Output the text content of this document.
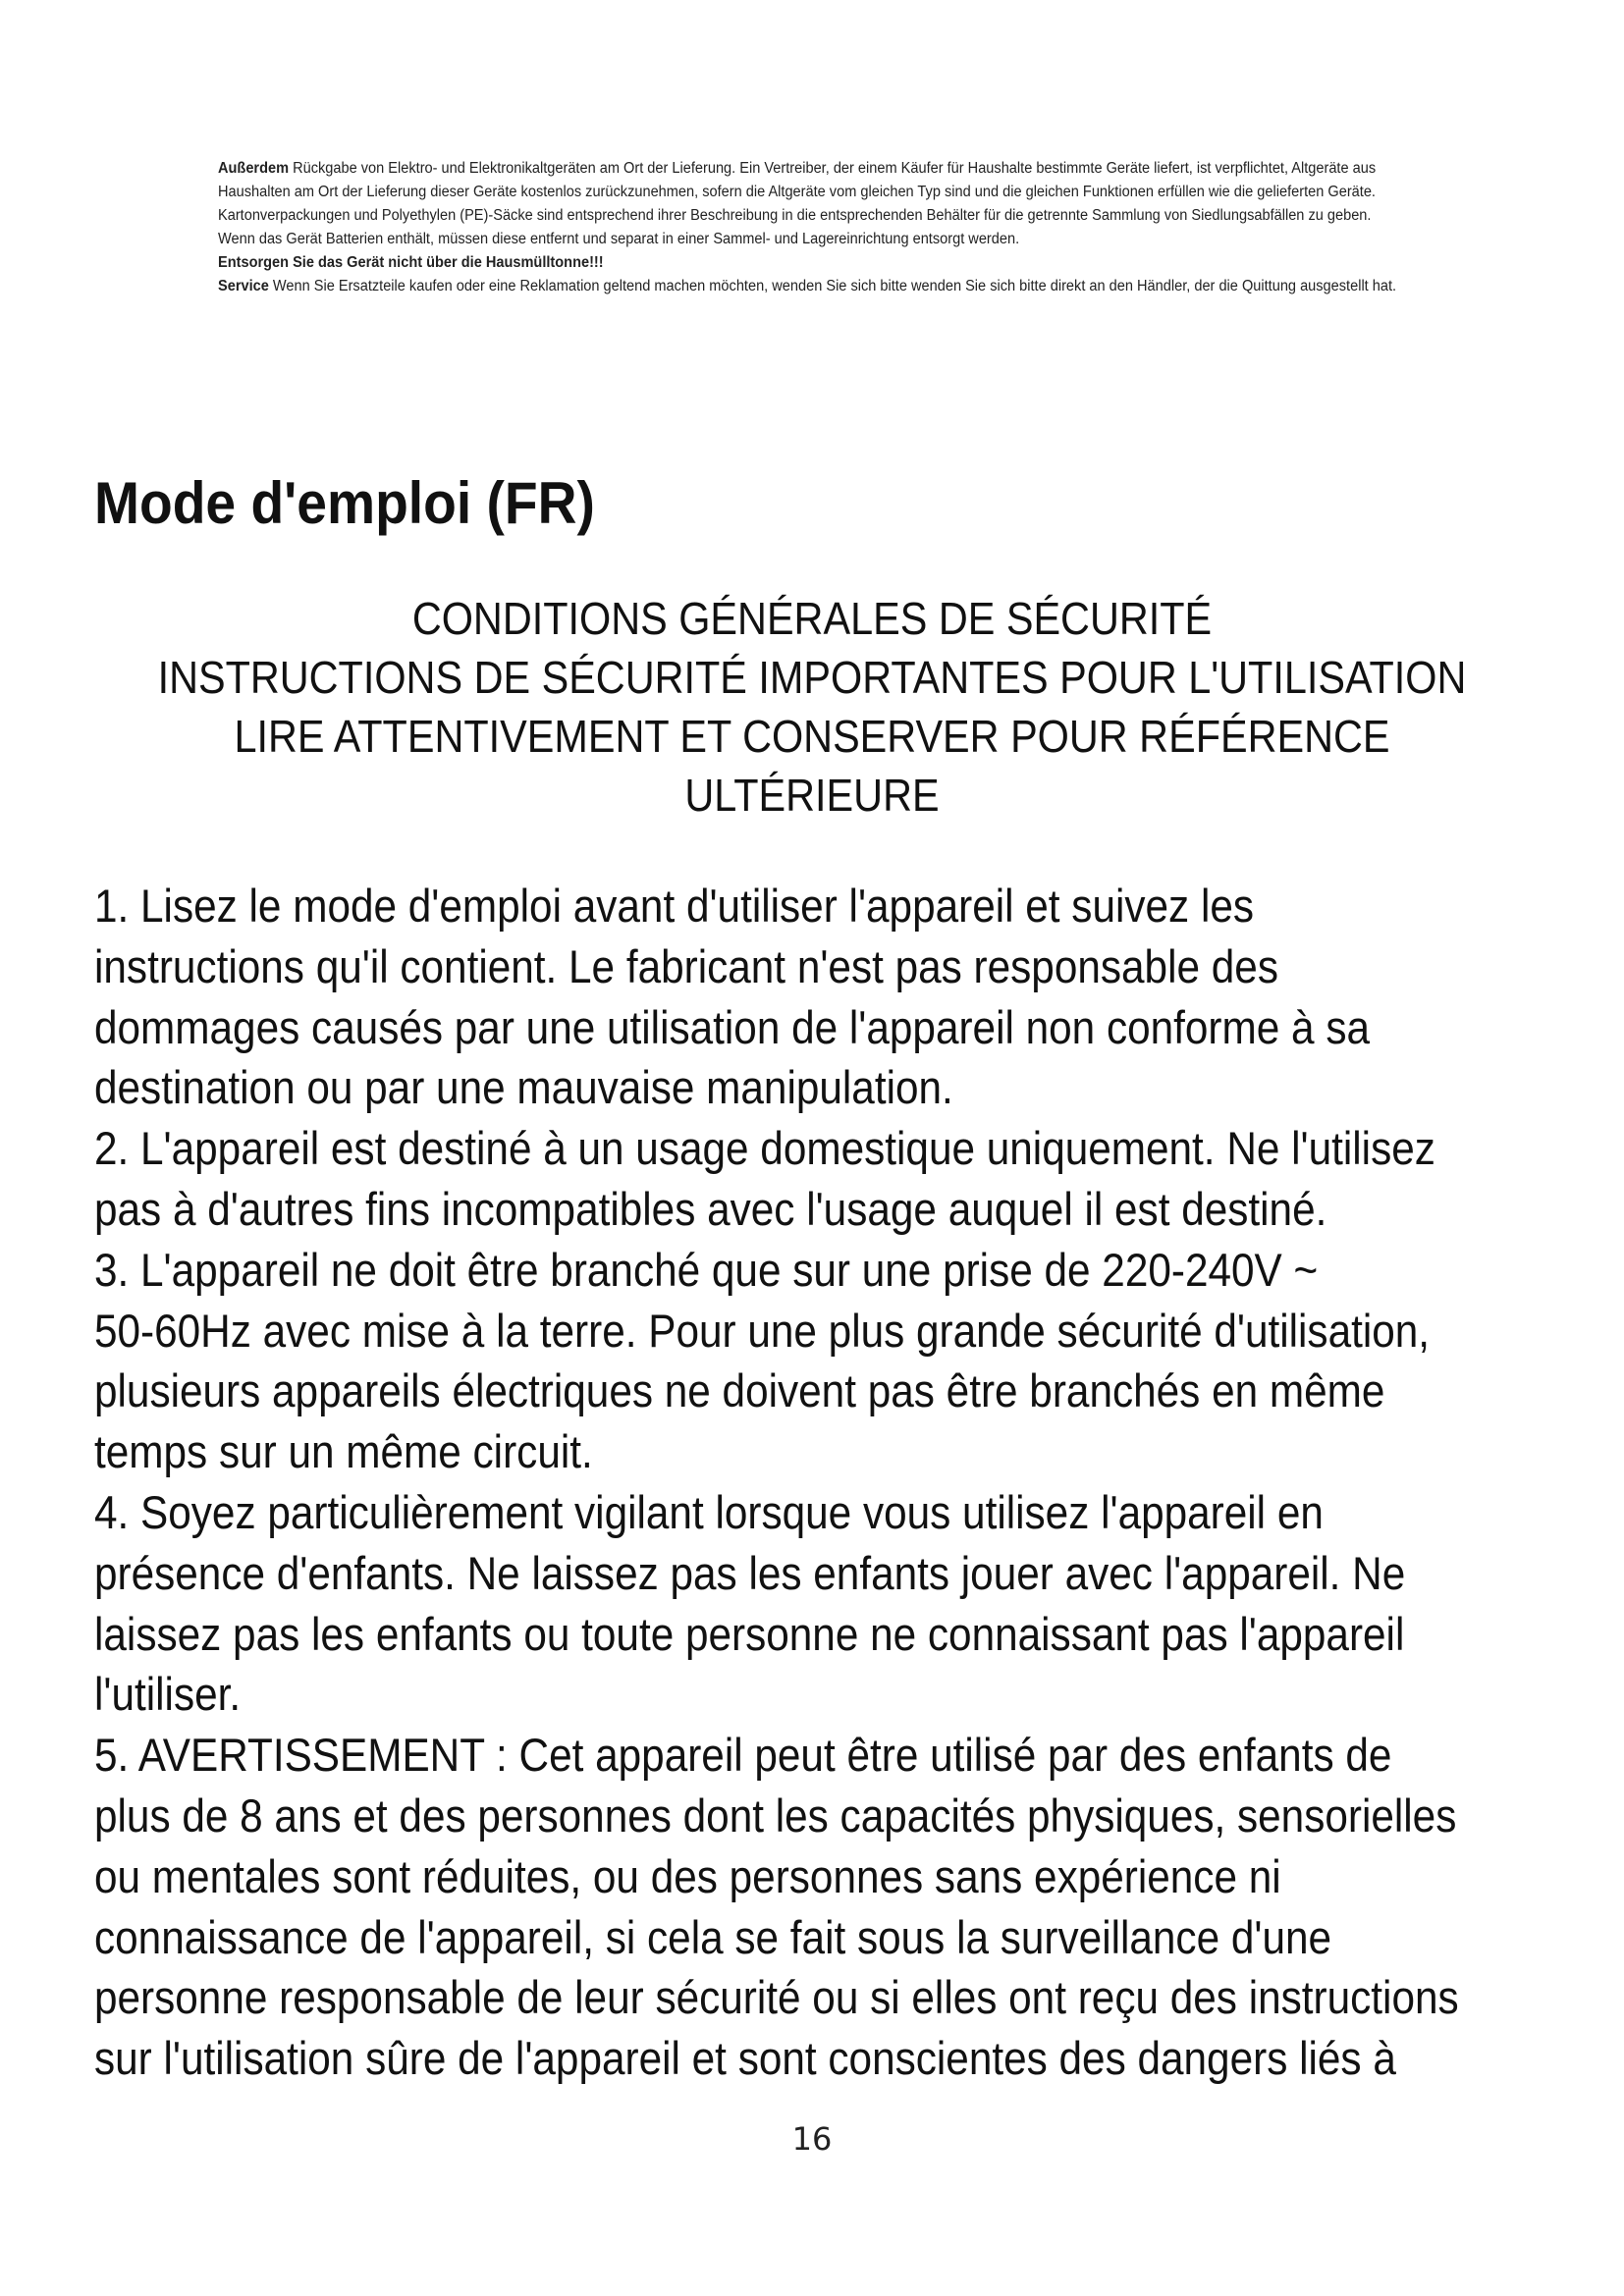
Außerdem Rückgabe von Elektro- und Elektronikaltgeräten am Ort der Lieferung. Ein Vertreiber, der einem Käufer für Haushalte bestimmte Geräte liefert, ist verpflichtet, Altgeräte aus Haushalten am Ort der Lieferung dieser Geräte kostenlos zurückzunehmen, sofern die Altgeräte vom gleichen Typ sind und die gleichen Funktionen erfüllen wie die gelieferten Geräte.

Kartonverpackungen und Polyethylen (PE)-Säcke sind entsprechend ihrer Beschreibung in die entsprechenden Behälter für die getrennte Sammlung von Siedlungsabfällen zu geben. Wenn das Gerät Batterien enthält, müssen diese entfernt und separat in einer Sammel- und Lagereinrichtung entsorgt werden.

Entsorgen Sie das Gerät nicht über die Hausmülltonne!!!

Service Wenn Sie Ersatzteile kaufen oder eine Reklamation geltend machen möchten, wenden Sie sich bitte wenden Sie sich bitte direkt an den Händler, der die Quittung ausgestellt hat.

Mode d'emploi (FR)
CONDITIONS GÉNÉRALES DE SÉCURITÉ
INSTRUCTIONS DE SÉCURITÉ IMPORTANTES POUR L'UTILISATION
LIRE ATTENTIVEMENT ET CONSERVER POUR RÉFÉRENCE
ULTÉRIEURE
1. Lisez le mode d'emploi avant d'utiliser l'appareil et suivez les
instructions qu'il contient. Le fabricant n'est pas responsable des
dommages causés par une utilisation de l'appareil non conforme à sa
destination ou par une mauvaise manipulation.
2. L'appareil est destiné à un usage domestique uniquement. Ne l'utilisez
pas à d'autres fins incompatibles avec l'usage auquel il est destiné.
3. L'appareil ne doit être branché que sur une prise de 220-240V ~
50-60Hz avec mise à la terre. Pour une plus grande sécurité d'utilisation,
plusieurs appareils électriques ne doivent pas être branchés en même
temps sur un même circuit.
4. Soyez particulièrement vigilant lorsque vous utilisez l'appareil en
présence d'enfants. Ne laissez pas les enfants jouer avec l'appareil. Ne
laissez pas les enfants ou toute personne ne connaissant pas l'appareil
l'utiliser.
5. AVERTISSEMENT : Cet appareil peut être utilisé par des enfants de
plus de 8 ans et des personnes dont les capacités physiques, sensorielles
ou mentales sont réduites, ou des personnes sans expérience ni
connaissance de l'appareil, si cela se fait sous la surveillance d'une
personne responsable de leur sécurité ou si elles ont reçu des instructions
sur l'utilisation sûre de l'appareil et sont conscientes des dangers liés à
16
